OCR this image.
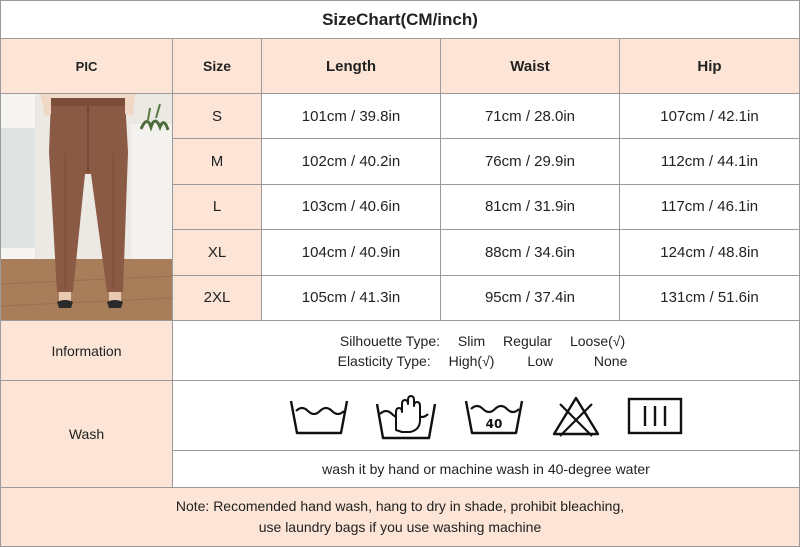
SizeChart(CM/inch)
PIC	Size	Length	Waist	Hip
S	101cm / 39.8in	71cm / 28.0in	107cm / 42.1in
M	102cm / 40.2in	76cm / 29.9in	112cm / 44.1in
L	103cm / 40.6in	81cm / 31.9in	117cm / 46.1in
XL	104cm / 40.9in	88cm / 34.6in	124cm / 48.8in
2XL	105cm / 41.3in	95cm / 37.4in	131cm / 51.6in
Information
Silhouette Type: Slim Regular Loose(√)
Elasticity Type: High(√) Low	None
Wash
40
wash it by hand or machine wash in 40-degree water
Note: Recomended hand wash, hang to dry in shade, prohibit bleaching,
use laundry bags if you use washing machine
